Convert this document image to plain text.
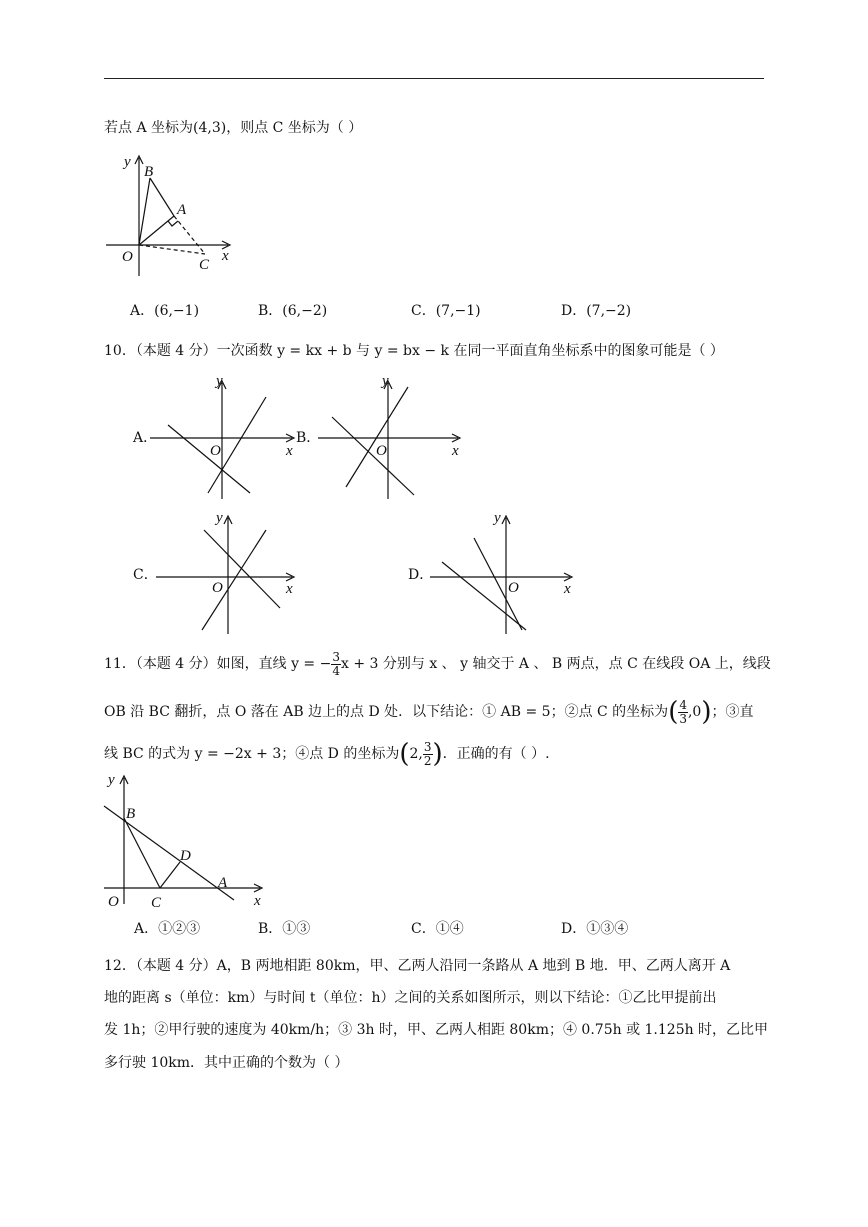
若点 A 坐标为(4,3)，则点 C 坐标为（ ）
y
x
O
B
A
C
A．(6,−1)	B．(6,−2)	C．(7,−1)	D．(7,−2)
10．（本题 4 分）一次函数 y = kx + b 与 y = bx − k 在同一平面直角坐标系中的图象可能是（ ）
A．
y
x
O
B．
y
x
O
C．
y
x
O
D．
y
x
O
11．（本题 4 分）如图，直线 y = − $\frac{3}{4}$ x + 3 分别与 x 、 y 轴交于 A 、 B 两点，点 C 在线段 OA 上，线段
OB 沿 BC 翻折，点 O 落在 AB 边上的点 D 处．以下结论：① AB = 5；②点 C 的坐标为( $\frac{4}{3} ,0$)；③直
线 BC 的式为 y = −2x + 3；④点 D 的坐标为(2, $\frac{3}{2}$ )．正确的有（ ）.
y
x
O
B
D
C
A
A．①②③	B．①③	C．①④	D．①③④
12．（本题 4 分）A，B 两地相距 80km，甲、乙两人沿同一条路从 A 地到 B 地．甲、乙两人离开 A
地的距离 s（单位：km）与时间 t（单位：h）之间的关系如图所示，则以下结论：①乙比甲提前出
发 1h；②甲行驶的速度为 40km/h；③ 3h 时，甲、乙两人相距 80km；④ 0.75h 或 1.125h 时，乙比甲
多行驶 10km．其中正确的个数为（ ）
